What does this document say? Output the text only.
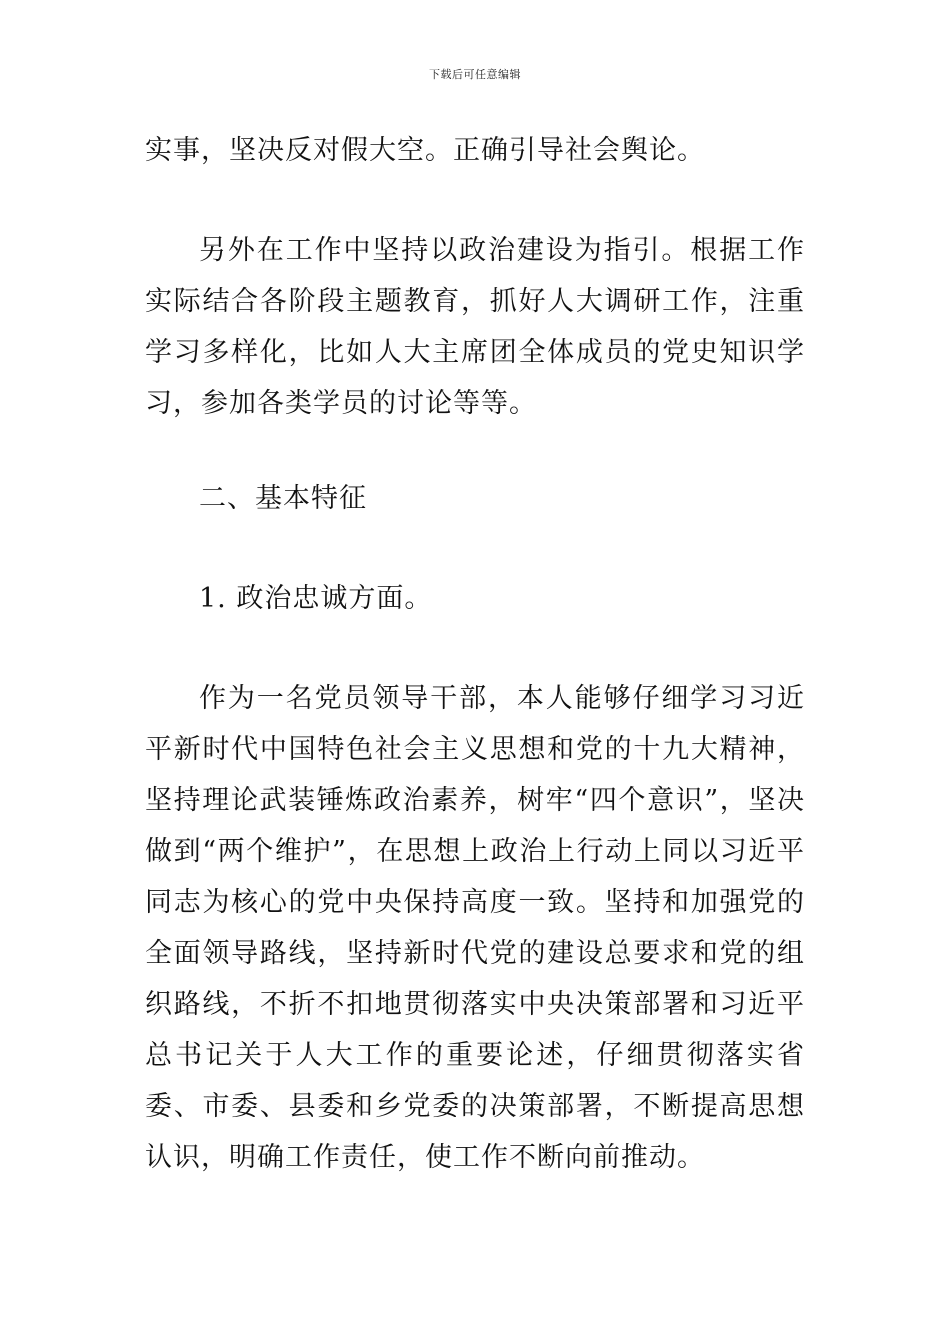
下载后可任意编辑

实事，坚决反对假大空。正确引导社会舆论。

另外在工作中坚持以政治建设为指引。根据工作实际结合各阶段主题教育，抓好人大调研工作，注重学习多样化，比如人大主席团全体成员的党史知识学习，参加各类学员的讨论等等。

二、基本特征

1. 政治忠诚方面。

作为一名党员领导干部，本人能够仔细学习习近平新时代中国特色社会主义思想和党的十九大精神，坚持理论武装锤炼政治素养，树牢“四个意识”，坚决做到“两个维护”，在思想上政治上行动上同以习近平同志为核心的党中央保持高度一致。坚持和加强党的全面领导路线，坚持新时代党的建设总要求和党的组织路线，不折不扣地贯彻落实中央决策部署和习近平总书记关于人大工作的重要论述，仔细贯彻落实省委、市委、县委和乡党委的决策部署，不断提高思想认识，明确工作责任，使工作不断向前推动。
